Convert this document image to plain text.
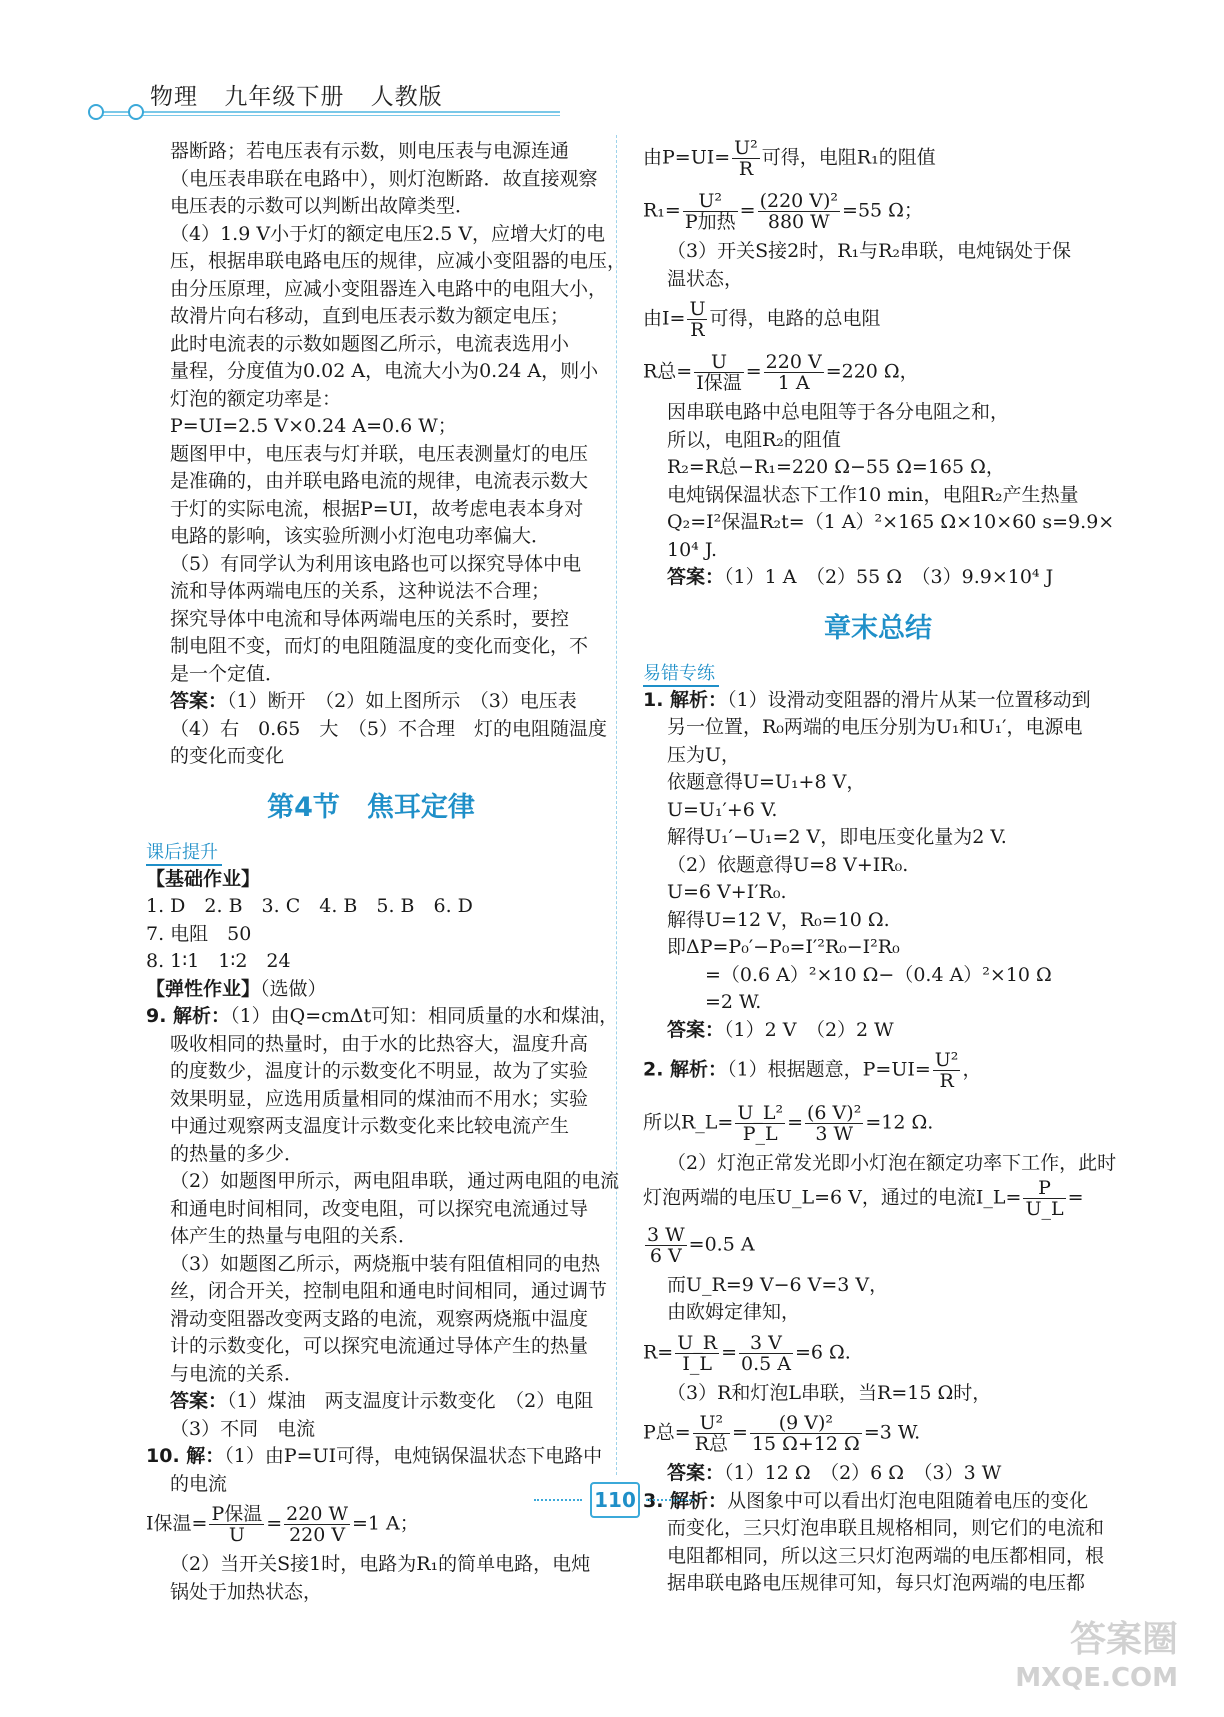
物理 九年级下册 人教版
器断路；若电压表有示数，则电压表与电源连通
（电压表串联在电路中），则灯泡断路．故直接观察
电压表的示数可以判断出故障类型．
（4）1.9 V小于灯的额定电压2.5 V，应增大灯的电
压，根据串联电路电压的规律，应减小变阻器的电压，
由分压原理，应减小变阻器连入电路中的电阻大小，
故滑片向右移动，直到电压表示数为额定电压；
此时电流表的示数如题图乙所示，电流表选用小
量程，分度值为0.02 A，电流大小为0.24 A，则小
灯泡的额定功率是：
P=UI=2.5 V×0.24 A=0.6 W；
题图甲中，电压表与灯并联，电压表测量灯的电压
是准确的，由并联电路电流的规律，电流表示数大
于灯的实际电流，根据P=UI，故考虑电表本身对
电路的影响，该实验所测小灯泡电功率偏大．
（5）有同学认为利用该电路也可以探究导体中电
流和导体两端电压的关系，这种说法不合理；
探究导体中电流和导体两端电压的关系时，要控
制电阻不变，而灯的电阻随温度的变化而变化，不
是一个定值．
答案：（1）断开　（2）如上图所示　（3）电压表
（4）右　0.65　大　（5）不合理　灯的电阻随温度
的变化而变化
第4节　焦耳定律
课后提升
【基础作业】
1. D　2. B　3. C　4. B　5. B　6. D
7. 电阻　50
8. 1∶1　1∶2　24
【弹性作业】（选做）
9. 解析：（1）由Q=cmΔt可知：相同质量的水和煤油，
吸收相同的热量时，由于水的比热容大，温度升高
的度数少，温度计的示数变化不明显，故为了实验
效果明显，应选用质量相同的煤油而不用水；实验
中通过观察两支温度计示数变化来比较电流产生
的热量的多少．
（2）如题图甲所示，两电阻串联，通过两电阻的电流
和通电时间相同，改变电阻，可以探究电流通过导
体产生的热量与电阻的关系．
（3）如题图乙所示，两烧瓶中装有阻值相同的电热
丝，闭合开关，控制电阻和通电时间相同，通过调节
滑动变阻器改变两支路的电流，观察两烧瓶中温度
计的示数变化，可以探究电流通过导体产生的热量
与电流的关系．
答案：（1）煤油　两支温度计示数变化　（2）电阻
（3）不同　电流
10. 解：（1）由P=UI可得，电炖锅保温状态下电路中
的电流
I保温= $\frac{\text{P保温}}{U} = \frac{220 W}{220 V} =1$ A；
（2）当开关S接1时，电路为R₁的简单电路，电炖
锅处于加热状态，
由$P=UI= \frac{\text{U²}}{R}$ 可得，电阻R₁的阻值
$R_1= \frac{\text{U²}}{\text{P加热}} = \frac{\text{(220 V)²}}{880 W} =55$ Ω；
（3）开关S接2时，R₁与R₂串联，电炖锅处于保
温状态，
由$I= \frac{U}{R}$ 可得，电路的总电阻
R总= $\frac{U}{\text{I保温}} = \frac{220 V}{1 A} =220$ Ω，
因串联电路中总电阻等于各分电阻之和，
所以，电阻R₂的阻值
R₂=R总−R₁=220 Ω−55 Ω=165 Ω，
电炖锅保温状态下工作10 min，电阻R₂产生热量
Q₂=I²保温R₂t=（1 A）²×165 Ω×10×60 s=9.9×
10⁴ J.
答案：（1）1 A　（2）55 Ω　（3）9.9×10⁴ J
章末总结
易错专练
1. 解析：（1）设滑动变阻器的滑片从某一位置移动到
另一位置，R₀两端的电压分别为U₁和U₁′，电源电
压为U，
依题意得U=U₁+8 V，
U=U₁′+6 V.
解得U₁′−U₁=2 V，即电压变化量为2 V.
（2）依题意得U=8 V+IR₀.
U=6 V+I′R₀.
解得U=12 V，R₀=10 Ω.
即ΔP=P₀′−P₀=I′²R₀−I²R₀
　　=（0.6 A）²×10 Ω−（0.4 A）²×10 Ω
　　=2 W.
答案：（1）2 V　（2）2 W
2. 解析：（1）根据题意，$P=UI= \frac{\text{U²}}{R}$ ，
所以R_L= $\frac{\text{U\_L²}}{P\_L} = \frac{\text{(6 V)²}}{3 W} =12$ Ω.
（2）灯泡正常发光即小灯泡在额定功率下工作，此时
灯泡两端的电压U_L=6 V，通过的电流I_L= $\frac{P}{U\_L}$ =
$\frac{3 W}{6 V} =0.5$ A
而U_R=9 V−6 V=3 V，
由欧姆定律知，
$R= \frac{U\_R}{I\_L} = \frac{3 V}{0.5 A} =6$ Ω.
（3）R和灯泡L串联，当R=15 Ω时，
P总= $\frac{\text{U²}}{\text{R总}} = \frac{\text{(9 V)²}}{15 \Omega+12 \Omega} =3$ W.
答案：（1）12 Ω　（2）6 Ω　（3）3 W
3. 解析：从图象中可以看出灯泡电阻随着电压的变化
而变化，三只灯泡串联且规格相同，则它们的电流和
电阻都相同，所以这三只灯泡两端的电压都相同，根
据串联电路电压规律可知，每只灯泡两端的电压都
110
答案圈
MXQE.COM
